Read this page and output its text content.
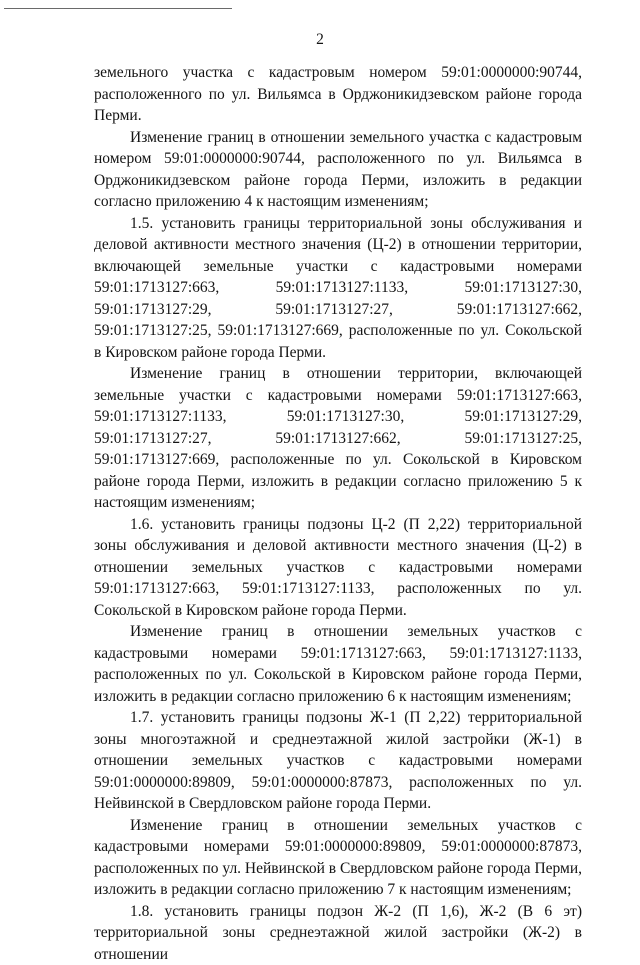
2

земельного участка с кадастровым номером 59:01:0000000:90744, расположенного по ул. Вильямса в Орджоникидзевском районе города Перми.

Изменение границ в отношении земельного участка с кадастровым номером 59:01:0000000:90744, расположенного по ул. Вильямса в Орджоникидзевском районе города Перми, изложить в редакции согласно приложению 4 к настоящим изменениям;

1.5. установить границы территориальной зоны обслуживания и деловой активности местного значения (Ц-2) в отношении территории, включающей земельные участки с кадастровыми номерами 59:01:1713127:663, 59:01:1713127:1133, 59:01:1713127:30, 59:01:1713127:29, 59:01:1713127:27, 59:01:1713127:662, 59:01:1713127:25, 59:01:1713127:669, расположенные по ул. Сокольской в Кировском районе города Перми.

Изменение границ в отношении территории, включающей земельные участки с кадастровыми номерами 59:01:1713127:663, 59:01:1713127:1133, 59:01:1713127:30, 59:01:1713127:29, 59:01:1713127:27, 59:01:1713127:662, 59:01:1713127:25, 59:01:1713127:669, расположенные по ул. Сокольской в Кировском районе города Перми, изложить в редакции согласно приложению 5 к настоящим изменениям;

1.6. установить границы подзоны Ц-2 (П 2,22) территориальной зоны обслуживания и деловой активности местного значения (Ц-2) в отношении земельных участков с кадастровыми номерами 59:01:1713127:663, 59:01:1713127:1133, расположенных по ул. Сокольской в Кировском районе города Перми.

Изменение границ в отношении земельных участков с кадастровыми номерами 59:01:1713127:663, 59:01:1713127:1133, расположенных по ул. Сокольской в Кировском районе города Перми, изложить в редакции согласно приложению 6 к настоящим изменениям;

1.7. установить границы подзоны Ж-1 (П 2,22) территориальной зоны многоэтажной и среднеэтажной жилой застройки (Ж-1) в отношении земельных участков с кадастровыми номерами 59:01:0000000:89809, 59:01:0000000:87873, расположенных по ул. Нейвинской в Свердловском районе города Перми.

Изменение границ в отношении земельных участков с кадастровыми номерами 59:01:0000000:89809, 59:01:0000000:87873, расположенных по ул. Нейвинской в Свердловском районе города Перми, изложить в редакции согласно приложению 7 к настоящим изменениям;

1.8. установить границы подзон Ж-2 (П 1,6), Ж-2 (В 6 эт) территориальной зоны среднеэтажной жилой застройки (Ж-2) в отношении
